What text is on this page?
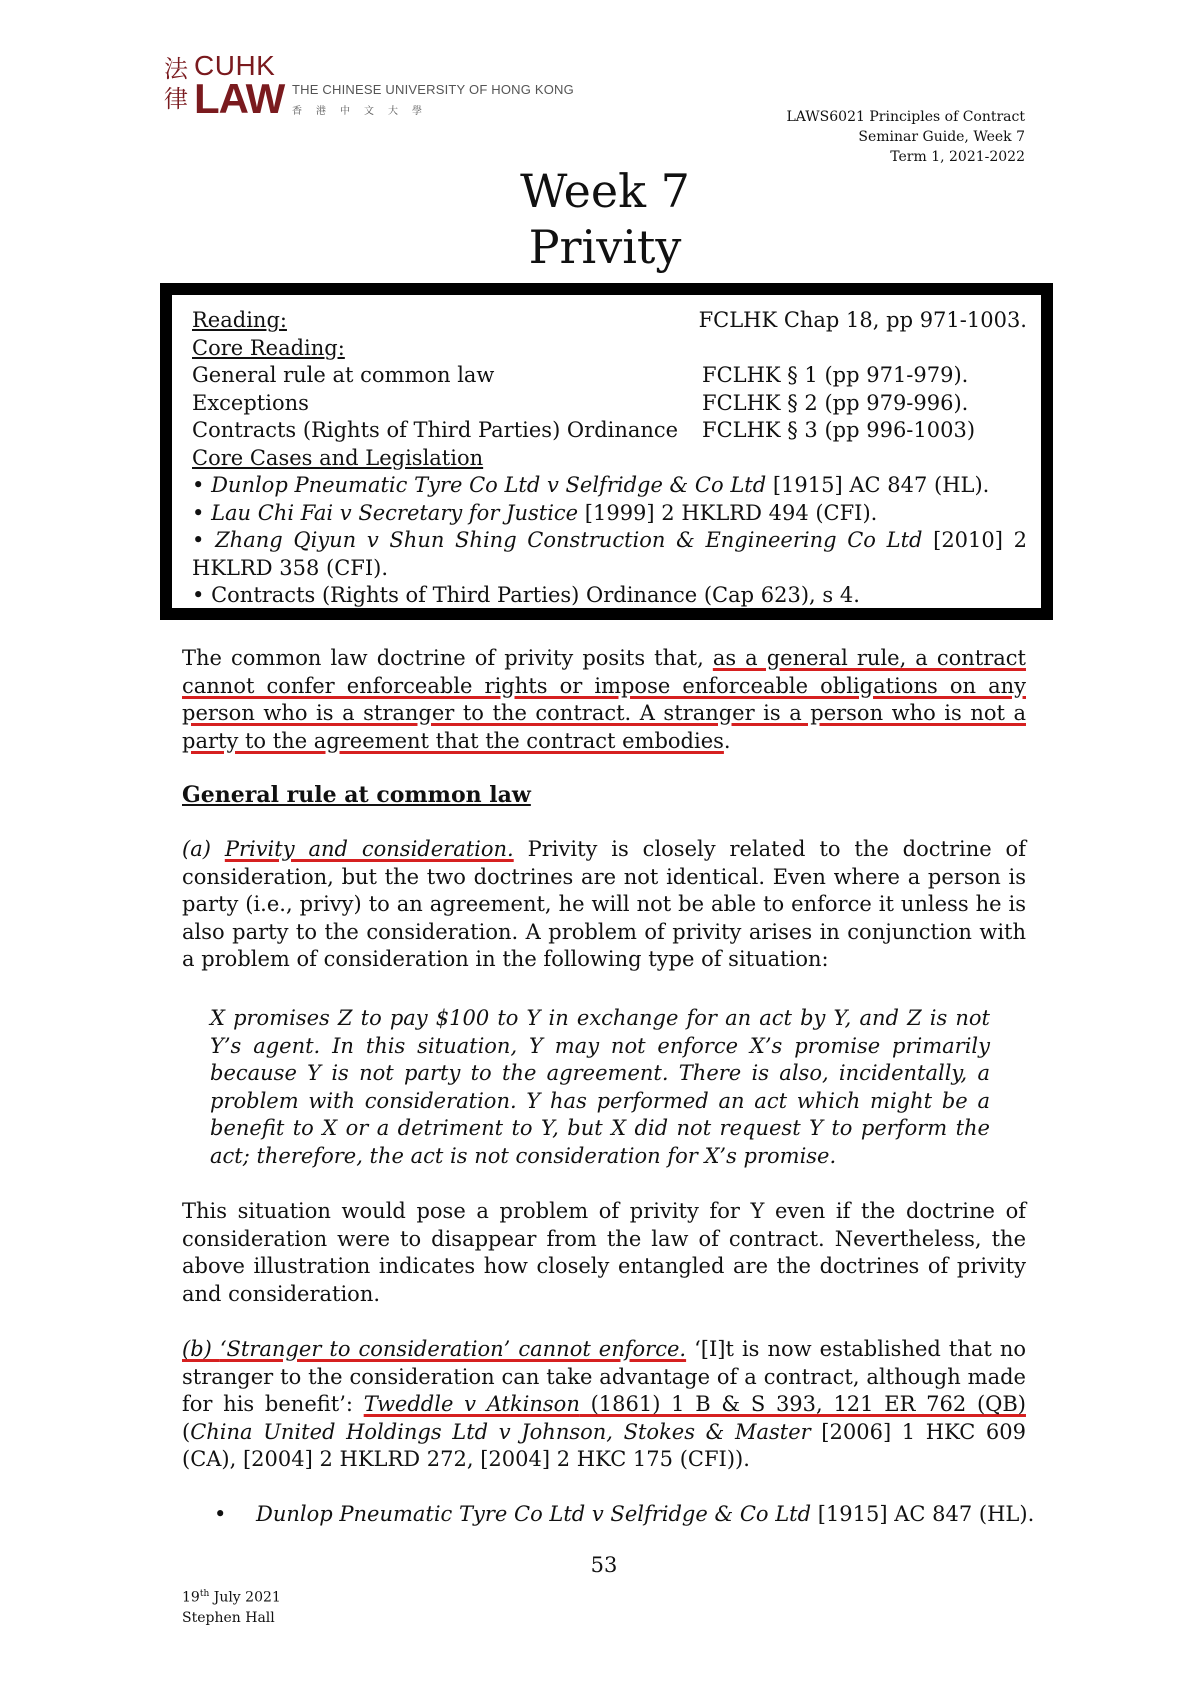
法律
CUHK
LAW THE CHINESE UNIVERSITY OF HONG KONG
香港中文大學	LAWS6021 Principles of Contract
Seminar Guide, Week 7
Term 1, 2021-2022
Week 7
Privity
Reading:	FCLHK Chap 18, pp 971-1003.
Core Reading:
General rule at common law	FCLHK § 1 (pp 971-979).
Exceptions	FCLHK § 2 (pp 979-996).
Contracts (Rights of Third Parties) Ordinance	FCLHK § 3 (pp 996-1003)
Core Cases and Legislation
• Dunlop Pneumatic Tyre Co Ltd v Selfridge & Co Ltd [1915] AC 847 (HL).
• Lau Chi Fai v Secretary for Justice [1999] 2 HKLRD 494 (CFI).
• Zhang Qiyun v Shun Shing Construction & Engineering Co Ltd [2010] 2
HKLRD 358 (CFI).
• Contracts (Rights of Third Parties) Ordinance (Cap 623), s 4.
The common law doctrine of privity posits that, as a general rule, a contract cannot confer enforceable rights or impose enforceable obligations on any person who is a stranger to the contract. A stranger is a person who is not a party to the agreement that the contract embodies.
General rule at common law
(a) Privity and consideration. Privity is closely related to the doctrine of consideration, but the two doctrines are not identical. Even where a person is party (i.e., privy) to an agreement, he will not be able to enforce it unless he is also party to the consideration. A problem of privity arises in conjunction with a problem of consideration in the following type of situation:
X promises Z to pay $100 to Y in exchange for an act by Y, and Z is not Y’s agent. In this situation, Y may not enforce X’s promise primarily because Y is not party to the agreement. There is also, incidentally, a problem with consideration. Y has performed an act which might be a benefit to X or a detriment to Y, but X did not request Y to perform the act; therefore, the act is not consideration for X’s promise.
This situation would pose a problem of privity for Y even if the doctrine of consideration were to disappear from the law of contract. Nevertheless, the above illustration indicates how closely entangled are the doctrines of privity and consideration.
(b) ‘Stranger to consideration’ cannot enforce. ‘[I]t is now established that no stranger to the consideration can take advantage of a contract, although made for his benefit’: Tweddle v Atkinson (1861) 1 B & S 393, 121 ER 762 (QB) (China United Holdings Ltd v Johnson, Stokes & Master [2006] 1 HKC 609 (CA), [2004] 2 HKLRD 272, [2004] 2 HKC 175 (CFI)).
• Dunlop Pneumatic Tyre Co Ltd v Selfridge & Co Ltd [1915] AC 847 (HL).
53
19th July 2021
Stephen Hall
